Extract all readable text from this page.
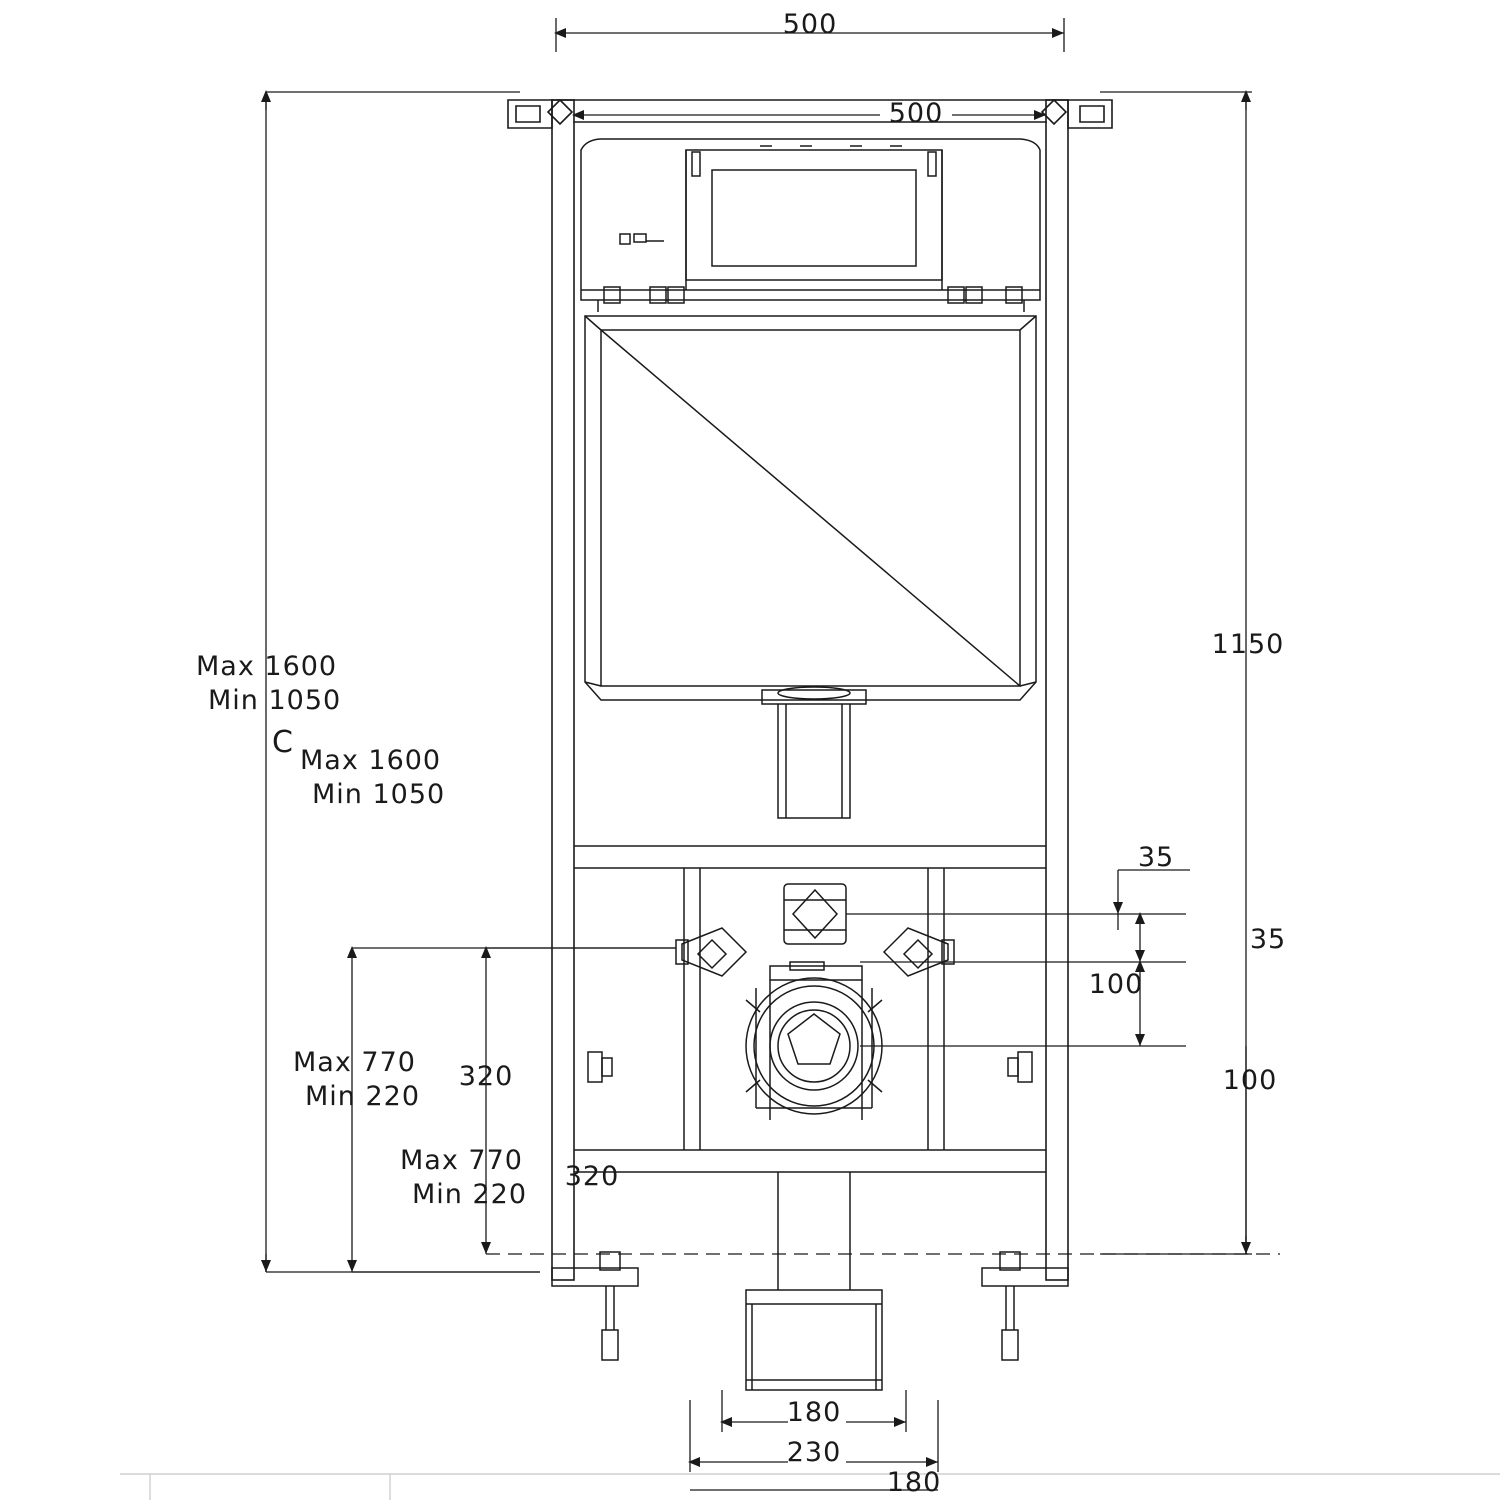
500
500
1150
Max 1600
Min 1050
C
Max 1600
Min 1050
35
35
100
100
Max 770
Min 220
320
Max 770
Min 220
320
180
230
180
